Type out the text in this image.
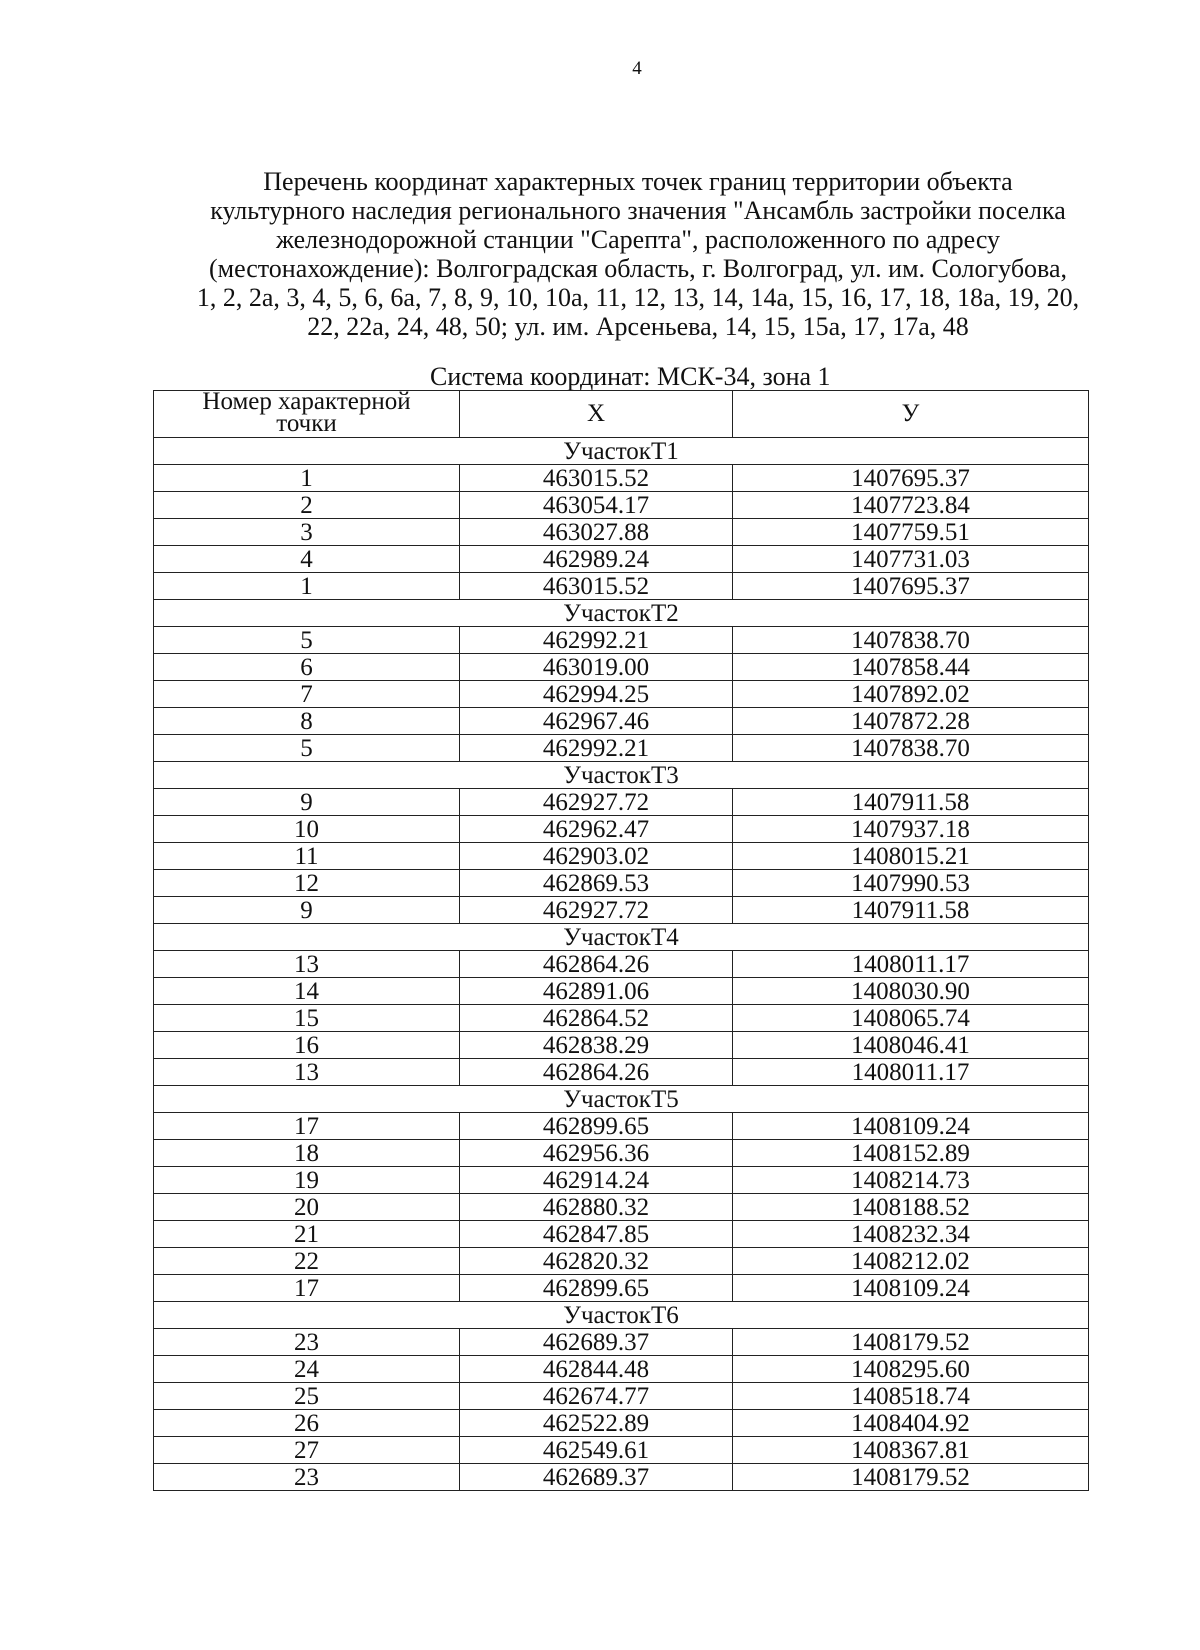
4
Перечень координат характерных точек границ территории объекта
культурного наследия регионального значения "Ансамбль застройки поселка
железнодорожной станции "Сарепта", расположенного по адресу
(местонахождение): Волгоградская область, г. Волгоград, ул. им. Сологубова,
1, 2, 2а, 3, 4, 5, 6, 6а, 7, 8, 9, 10, 10а, 11, 12, 13, 14, 14а, 15, 16, 17, 18, 18а, 19, 20,
22, 22а, 24, 48, 50; ул. им. Арсеньева, 14, 15, 15а, 17, 17а, 48
Система координат: МСК-34, зона 1
Номер характерной
точки	X	У
УчастокТ1		
1	463015.52	1407695.37
2	463054.17	1407723.84
3	463027.88	1407759.51
4	462989.24	1407731.03
1	463015.52	1407695.37
УчастокТ2		
5	462992.21	1407838.70
6	463019.00	1407858.44
7	462994.25	1407892.02
8	462967.46	1407872.28
5	462992.21	1407838.70
УчастокТ3		
9	462927.72	1407911.58
10	462962.47	1407937.18
11	462903.02	1408015.21
12	462869.53	1407990.53
9	462927.72	1407911.58
УчастокТ4		
13	462864.26	1408011.17
14	462891.06	1408030.90
15	462864.52	1408065.74
16	462838.29	1408046.41
13	462864.26	1408011.17
УчастокТ5		
17	462899.65	1408109.24
18	462956.36	1408152.89
19	462914.24	1408214.73
20	462880.32	1408188.52
21	462847.85	1408232.34
22	462820.32	1408212.02
17	462899.65	1408109.24
УчастокТ6		
23	462689.37	1408179.52
24	462844.48	1408295.60
25	462674.77	1408518.74
26	462522.89	1408404.92
27	462549.61	1408367.81
23	462689.37	1408179.52
